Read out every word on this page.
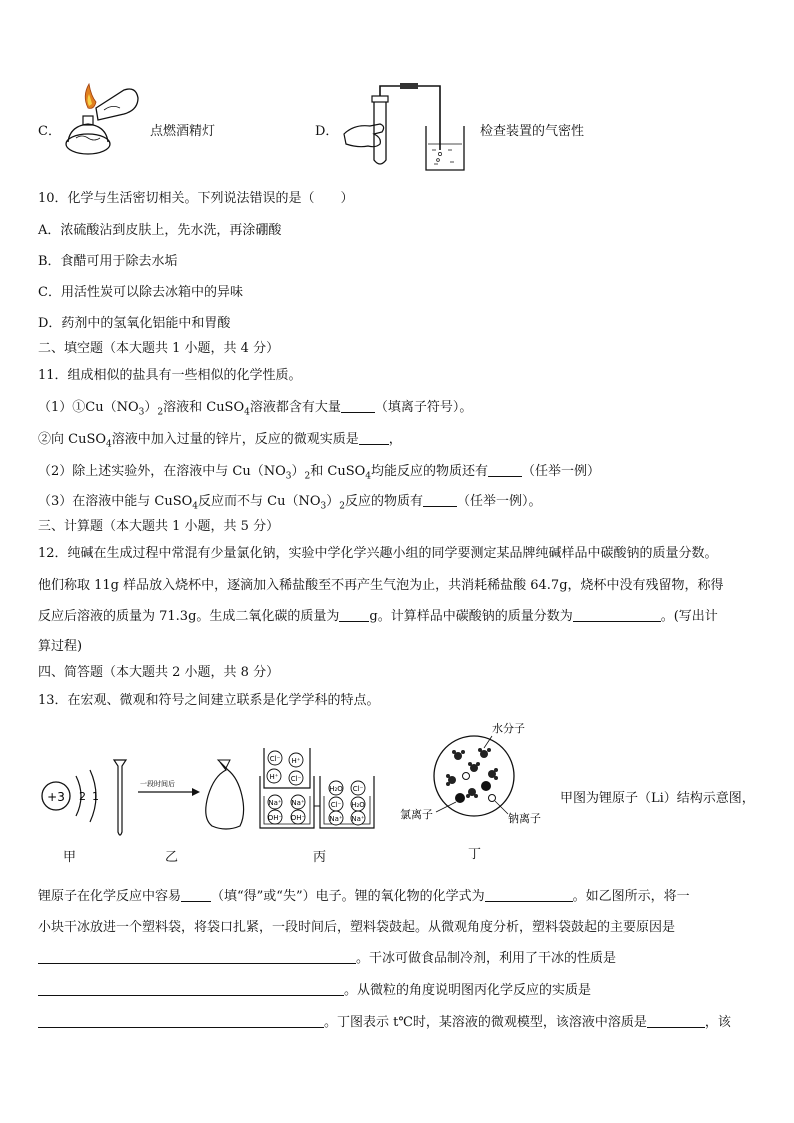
C．	点燃酒精灯	D．	检查装置的气密性
10．化学与生活密切相关。下列说法错误的是（　　）
A．浓硫酸沾到皮肤上，先水洗，再涂硼酸
B．食醋可用于除去水垢
C．用活性炭可以除去冰箱中的异味
D．药剂中的氢氧化铝能中和胃酸
二、填空题（本大题共 1 小题，共 4 分）
11．组成相似的盐具有一些相似的化学性质。
$(1)①Cu(NO_3)_2$溶液和 CuSO$_4$溶液都含有大量	（填离子符号）。
②向 CuSO$_4$溶液中加入过量的锌片，反应的微观实质是 ，
（2）除上述实验外，在溶液中与 $Cu(NO_3)_2$和 CuSO$_4$均能反应的物质还有	（任举一例）
（3）在溶液中能与 CuSO$_4$反应而不与 $Cu(NO_3)_2$反应的物质有	（任举一例）。
三、计算题（本大题共 1 小题，共 5 分）
12．纯碱在生成过程中常混有少量氯化钠，实验中学化学兴趣小组的同学要测定某品牌纯碱样品中碳酸钠的质量分数。
他们称取 11g 样品放入烧杯中，逐滴加入稀盐酸至不再产生气泡为止，共消耗稀盐酸 64.7g，烧杯中没有残留物，称得
反应后溶液的质量为 71.3g。生成二氧化碳的质量为 g。计算样品中碳酸钠的质量分数为	。(写出计
算过程)
四、简答题（本大题共 2 小题，共 8 分）
13．在宏观、微观和符号之间建立联系是化学学科的特点。
+3 2 1
甲
一段时间后
乙
Cl⁻ H⁺
H⁺ Cl⁻
Na⁺ Na⁺
OH⁻ OH⁻
H₂O Cl⁻
Cl⁻ H₂O
Na⁺ Na⁺
丙
水分子
氯离子	钠离子
丁
甲图为锂原子（Li）结构示意图，
锂原子在化学反应中容易 （填“得”或“失”）电子。锂的氧化物的化学式为	。如乙图所示，将一
小块干冰放进一个塑料袋，将袋口扎紧，一段时间后，塑料袋鼓起。从微观角度分析，塑料袋鼓起的主要原因是
。干冰可做食品制冷剂，利用了干冰的性质是
。从微粒的角度说明图丙化学反应的实质是
。丁图表示 t℃时，某溶液的微观模型，该溶液中溶质是	，该
